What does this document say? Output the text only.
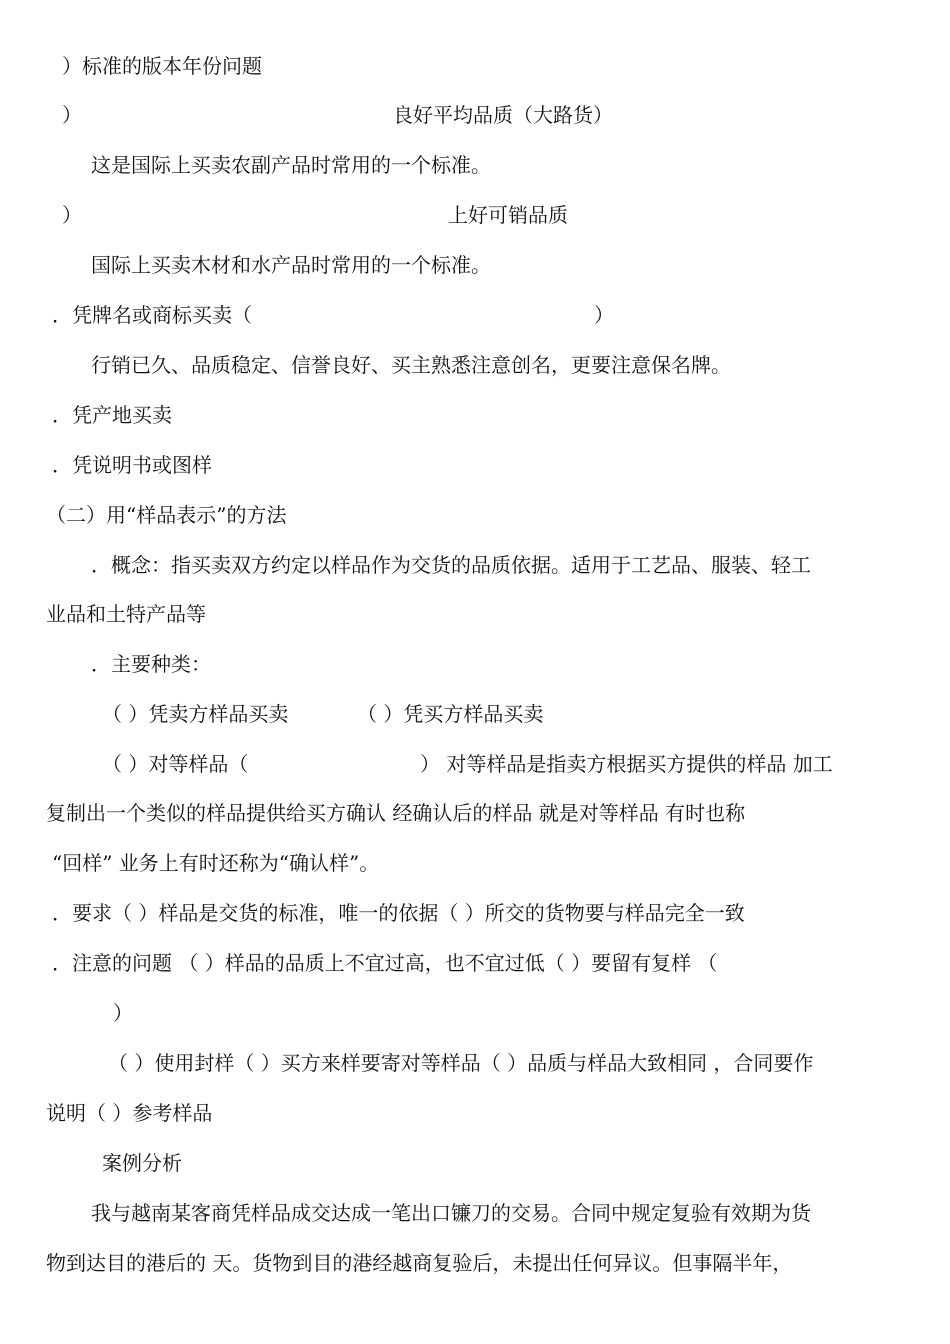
）标准的版本年份问题
）	良好平均品质（大路货）
这是国际上买卖农副产品时常用的一个标准。
）	上好可销品质
国际上买卖木材和水产品时常用的一个标准。
．凭牌名或商标买卖（	）
行销已久、品质稳定、信誉良好、买主熟悉注意创名，更要注意保名牌。
．凭产地买卖
．凭说明书或图样
（二）用“样品表示”的方法
．概念：指买卖双方约定以样品作为交货的品质依据。适用于工艺品、服装、轻工
业品和土特产品等
．主要种类：
（ ）凭卖方样品买卖	（ ）凭买方样品买卖
（ ）对等样品（	） 对等样品是指卖方根据买方提供的样品 加工
复制出一个类似的样品提供给买方确认 经确认后的样品 就是对等样品 有时也称
“回样” 业务上有时还称为“确认样”。
．要求（ ）样品是交货的标准，唯一的依据（ ）所交的货物要与样品完全一致
．注意的问题 （ ）样品的品质上不宜过高，也不宜过低（ ）要留有复样 （
）
（ ）使用封样（ ）买方来样要寄对等样品（ ）品质与样品大致相同 ，合同要作
说明（ ）参考样品
案例分析
我与越南某客商凭样品成交达成一笔出口镰刀的交易。合同中规定复验有效期为货
物到达目的港后的 天。货物到目的港经越商复验后，未提出任何异议。但事隔半年，
